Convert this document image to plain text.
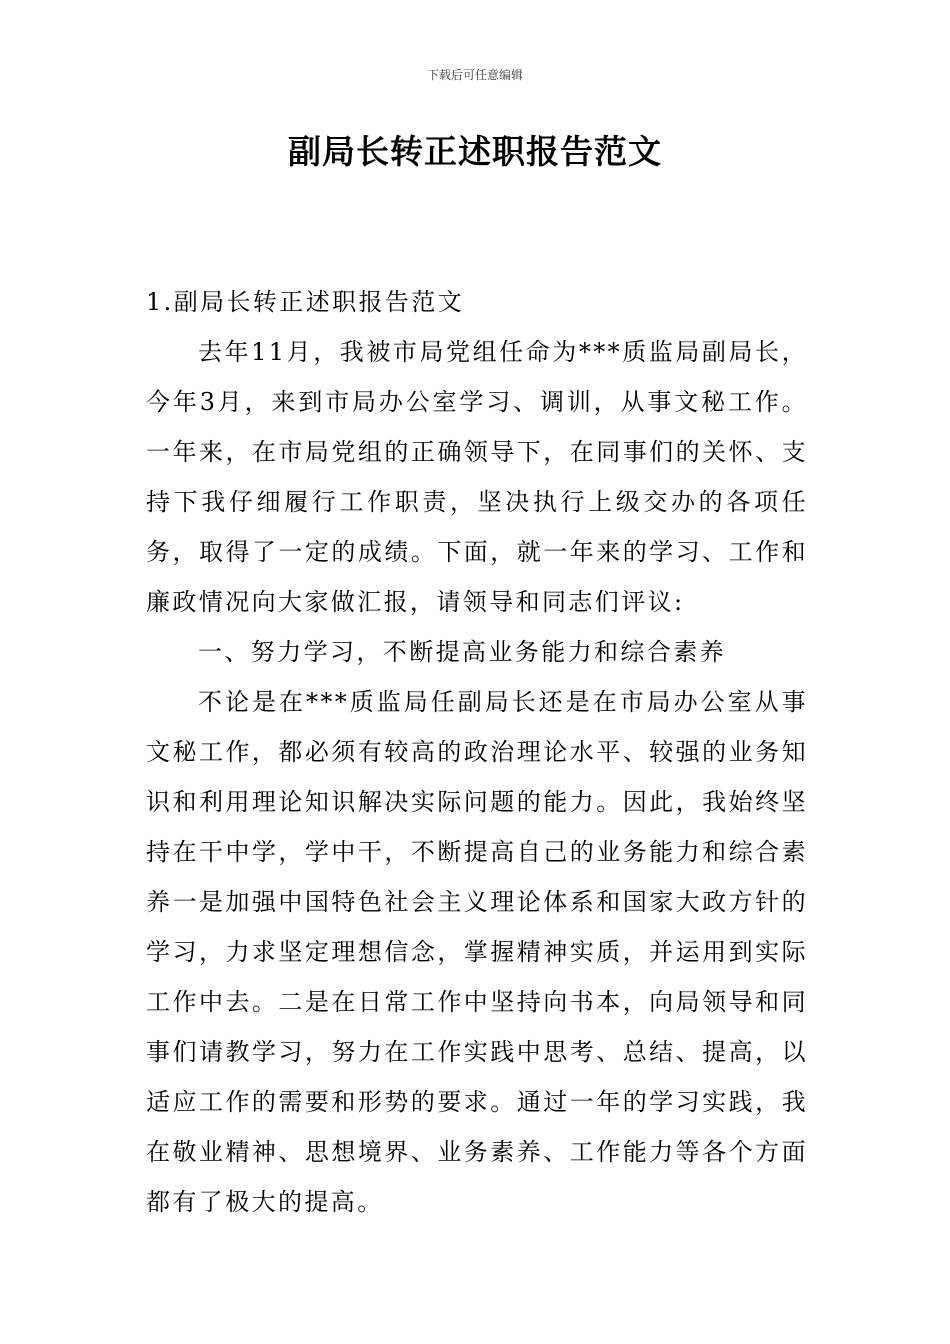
下载后可任意编辑
副局长转正述职报告范文

1.副局长转正述职报告范文

去年11月，我被市局党组任命为***质监局副局长，今年3月，来到市局办公室学习、调训，从事文秘工作。一年来，在市局党组的正确领导下，在同事们的关怀、支持下我仔细履行工作职责，坚决执行上级交办的各项任务，取得了一定的成绩。下面，就一年来的学习、工作和廉政情况向大家做汇报，请领导和同志们评议:

一、努力学习，不断提高业务能力和综合素养

不论是在***质监局任副局长还是在市局办公室从事文秘工作，都必须有较高的政治理论水平、较强的业务知识和利用理论知识解决实际问题的能力。因此，我始终坚持在干中学，学中干，不断提高自己的业务能力和综合素养一是加强中国特色社会主义理论体系和国家大政方针的学习，力求坚定理想信念，掌握精神实质，并运用到实际工作中去。二是在日常工作中坚持向书本，向局领导和同事们请教学习，努力在工作实践中思考、总结、提高，以适应工作的需要和形势的要求。通过一年的学习实践，我在敬业精神、思想境界、业务素养、工作能力等各个方面都有了极大的提高。
